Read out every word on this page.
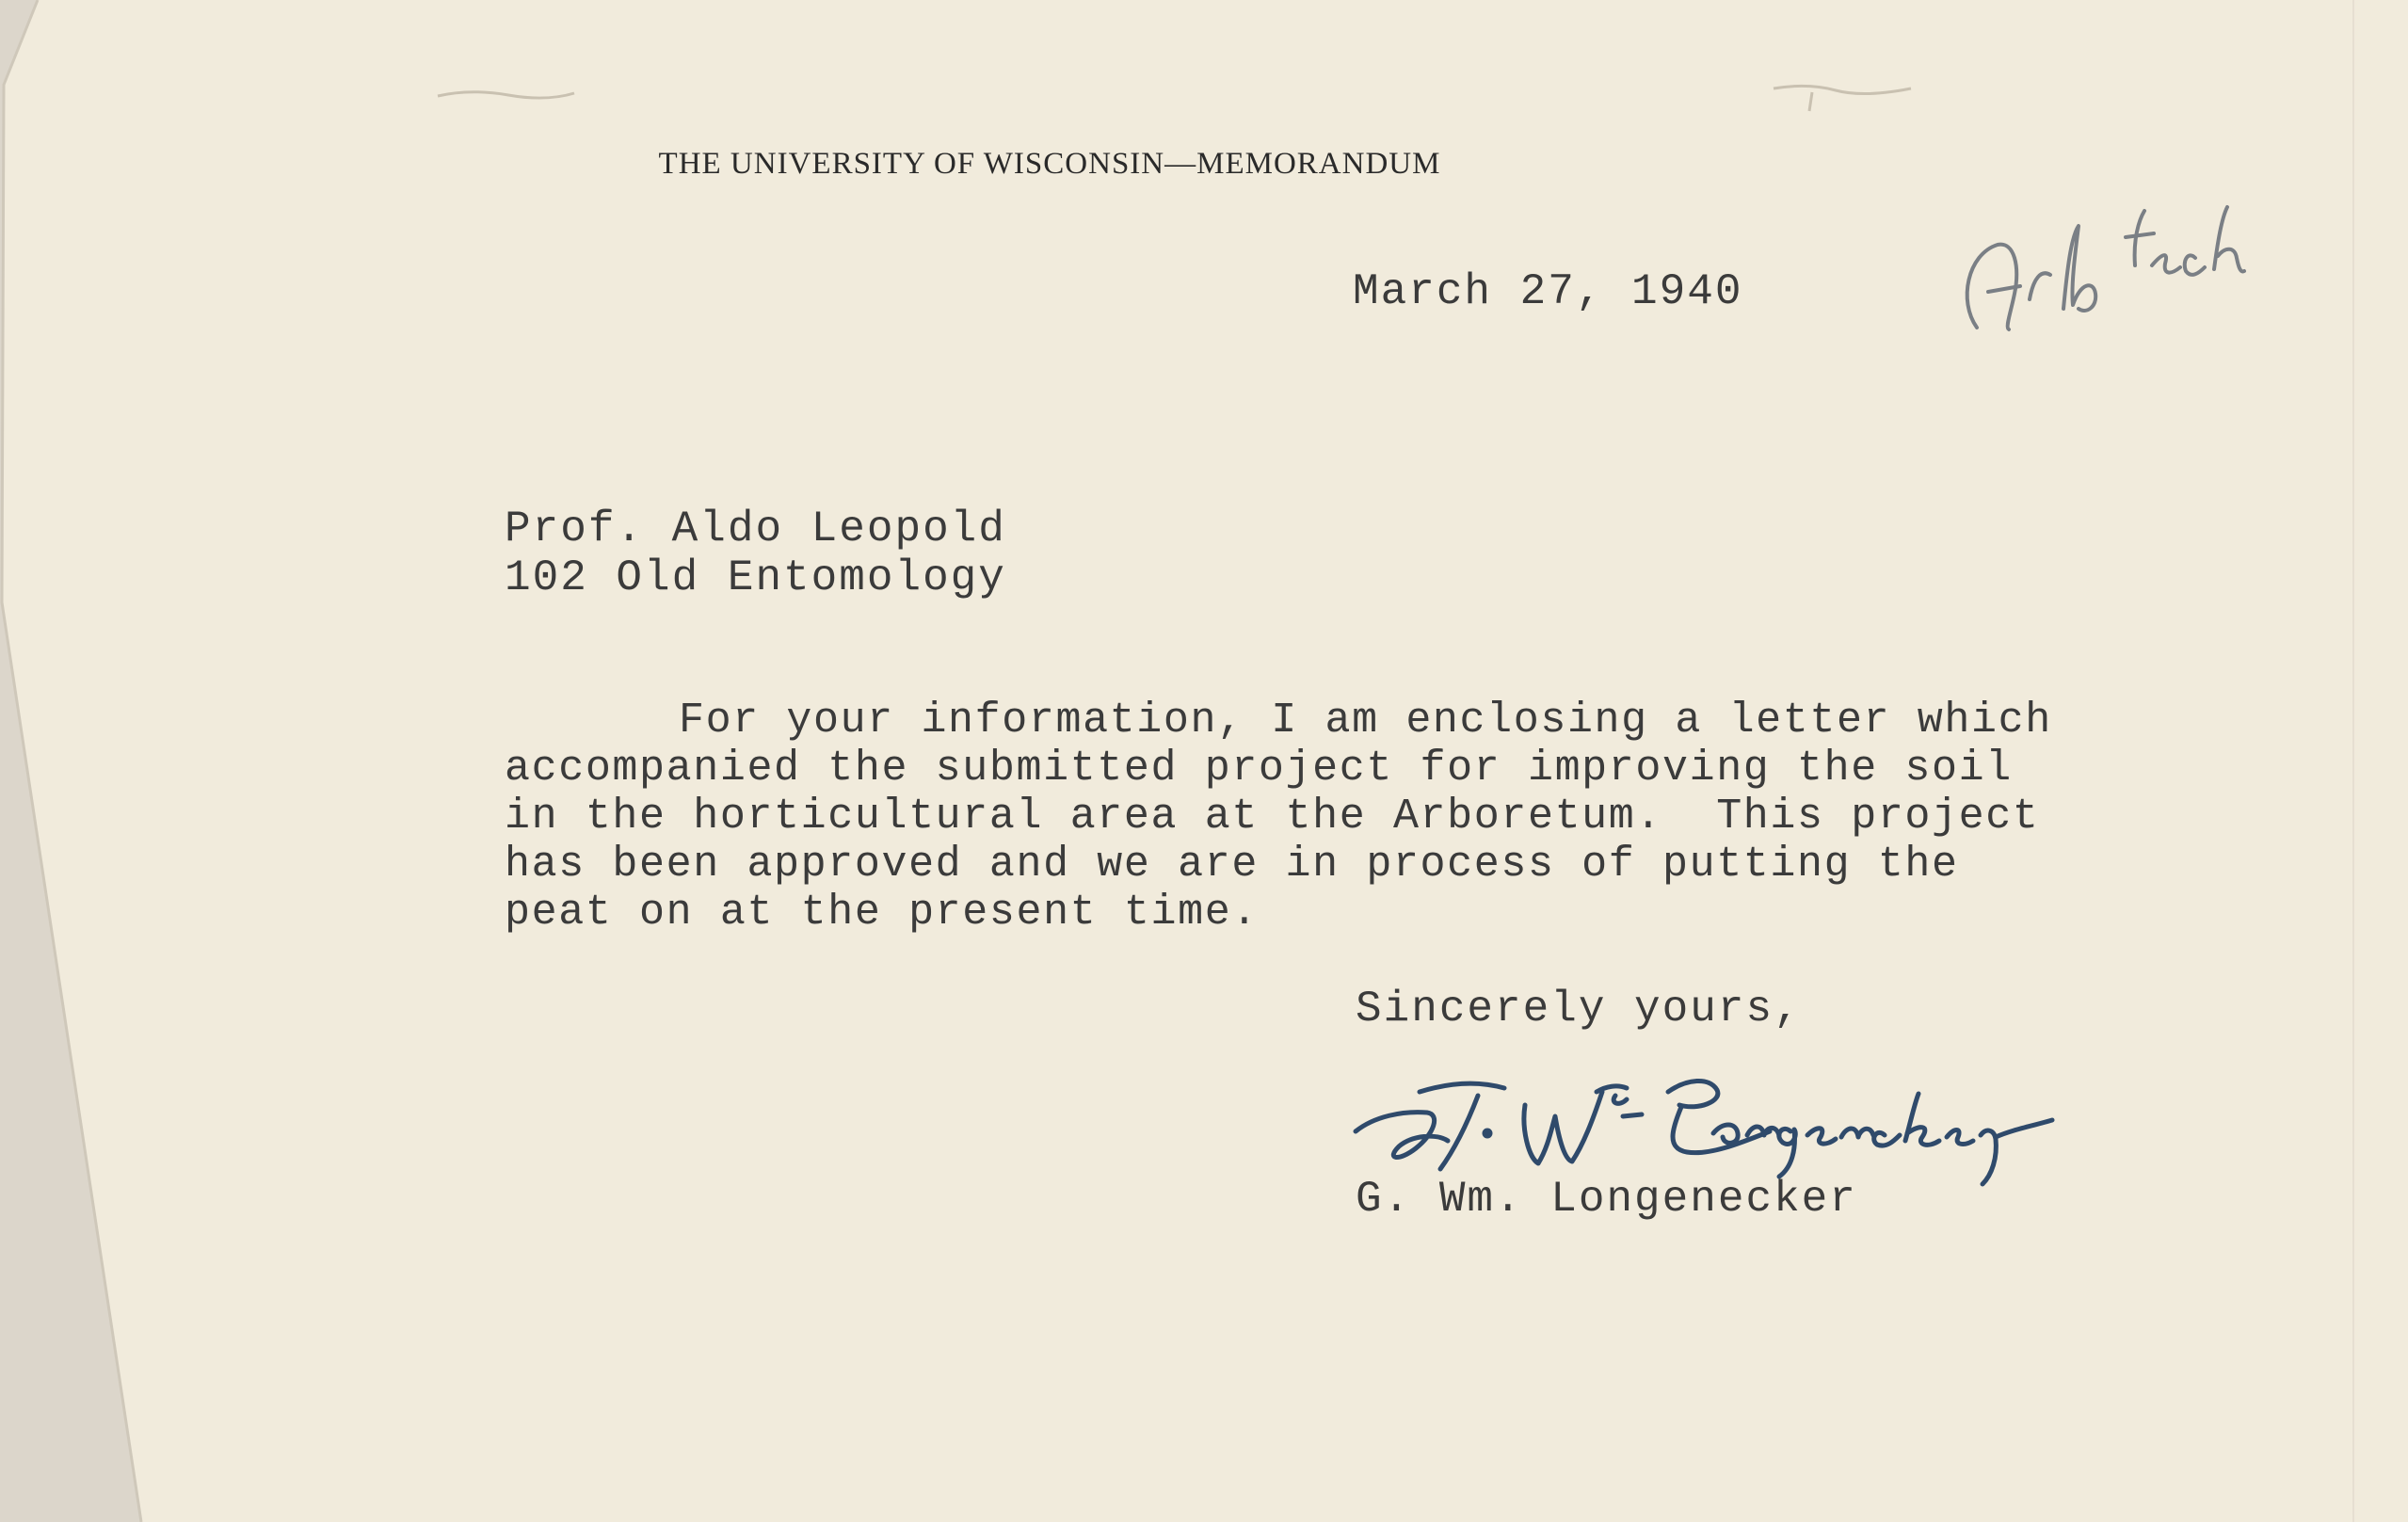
THE UNIVERSITY OF WISCONSIN—MEMORANDUM
March 27, 1940
Prof. Aldo Leopold
102 Old Entomology
For your information, I am enclosing a letter which
accompanied the submitted project for improving the soil
in the horticultural area at the Arboretum.  This project
has been approved and we are in process of putting the
peat on at the present time.
Sincerely yours,
G. Wm. Longenecker
